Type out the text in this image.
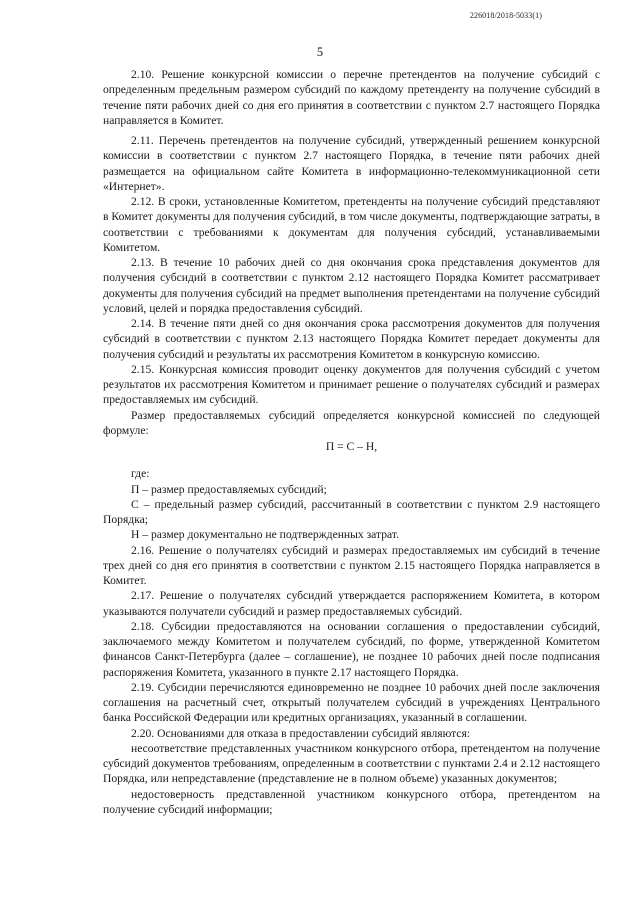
226018/2018-5033(1)
5

2.10. Решение конкурсной комиссии о перечне претендентов на получение субсидий с определенным предельным размером субсидий по каждому претенденту на получение субсидий в течение пяти рабочих дней со дня его принятия в соответствии с пунктом 2.7 настоящего Порядка направляется в Комитет.

2.11. Перечень претендентов на получение субсидий, утвержденный решением конкурсной комиссии в соответствии с пунктом 2.7 настоящего Порядка, в течение пяти рабочих дней размещается на официальном сайте Комитета в информационно-телекоммуникационной сети «Интернет».

2.12. В сроки, установленные Комитетом, претенденты на получение субсидий представляют в Комитет документы для получения субсидий, в том числе документы, подтверждающие затраты, в соответствии с требованиями к документам для получения субсидий, устанавливаемыми Комитетом.

2.13. В течение 10 рабочих дней со дня окончания срока представления документов для получения субсидий в соответствии с пунктом 2.12 настоящего Порядка Комитет рассматривает документы для получения субсидий на предмет выполнения претендентами на получение субсидий условий, целей и порядка предоставления субсидий.

2.14. В течение пяти дней со дня окончания срока рассмотрения документов для получения субсидий в соответствии с пунктом 2.13 настоящего Порядка Комитет передает документы для получения субсидий и результаты их рассмотрения Комитетом в конкурсную комиссию.

2.15. Конкурсная комиссия проводит оценку документов для получения субсидий с учетом результатов их рассмотрения Комитетом и принимает решение о получателях субсидий и размерах предоставляемых им субсидий.

Размер предоставляемых субсидий определяется конкурсной комиссией по следующей формуле:

П = С – Н,

где:

П – размер предоставляемых субсидий;

С – предельный размер субсидий, рассчитанный в соответствии с пунктом 2.9 настоящего Порядка;

Н – размер документально не подтвержденных затрат.

2.16. Решение о получателях субсидий и размерах предоставляемых им субсидий в течение трех дней со дня его принятия в соответствии с пунктом 2.15 настоящего Порядка направляется в Комитет.

2.17. Решение о получателях субсидий утверждается распоряжением Комитета, в котором указываются получатели субсидий и размер предоставляемых субсидий.

2.18. Субсидии предоставляются на основании соглашения о предоставлении субсидий, заключаемого между Комитетом и получателем субсидий, по форме, утвержденной Комитетом финансов Санкт-Петербурга (далее – соглашение), не позднее 10 рабочих дней после подписания распоряжения Комитета, указанного в пункте 2.17 настоящего Порядка.

2.19. Субсидии перечисляются единовременно не позднее 10 рабочих дней после заключения соглашения на расчетный счет, открытый получателем субсидий в учреждениях Центрального банка Российской Федерации или кредитных организациях, указанный в соглашении.

2.20. Основаниями для отказа в предоставлении субсидий являются:

несоответствие представленных участником конкурсного отбора, претендентом на получение субсидий документов требованиям, определенным в соответствии с пунктами 2.4 и 2.12 настоящего Порядка, или непредставление (представление не в полном объеме) указанных документов;

недостоверность представленной участником конкурсного отбора, претендентом на получение субсидий информации;
